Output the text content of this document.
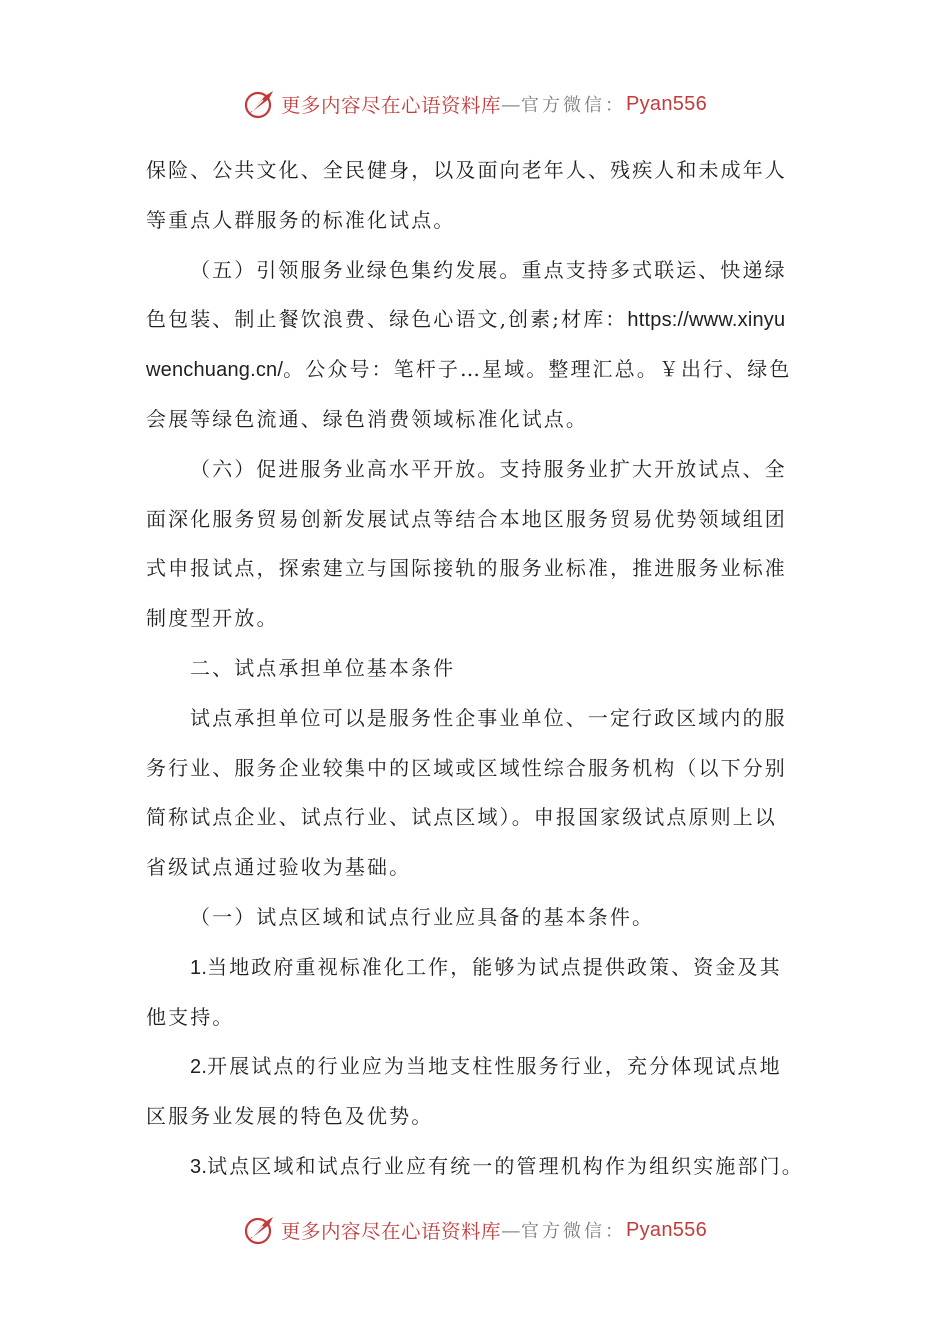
更多内容尽在心语资料库 — 官方微信： Pyan556
保险、公共文化、全民健身，以及面向老年人、残疾人和未成年人
等重点人群服务的标准化试点。
（五）引领服务业绿色集约发展。重点支持多式联运、快递绿
色包装、制止餐饮浪费、绿色心语文,创素;材库：https://www.xinyu
wenchuang.cn/。公众号：笔杆子…星域。整理汇总。￥出行、绿色
会展等绿色流通、绿色消费领域标准化试点。
（六）促进服务业高水平开放。支持服务业扩大开放试点、全
面深化服务贸易创新发展试点等结合本地区服务贸易优势领域组团
式申报试点，探索建立与国际接轨的服务业标准，推进服务业标准
制度型开放。
二、试点承担单位基本条件
试点承担单位可以是服务性企事业单位、一定行政区域内的服
务行业、服务企业较集中的区域或区域性综合服务机构（以下分别
简称试点企业、试点行业、试点区域）。申报国家级试点原则上以
省级试点通过验收为基础。
（一）试点区域和试点行业应具备的基本条件。
1.当地政府重视标准化工作，能够为试点提供政策、资金及其
他支持。
2.开展试点的行业应为当地支柱性服务行业，充分体现试点地
区服务业发展的特色及优势。
3.试点区域和试点行业应有统一的管理机构作为组织实施部门。
更多内容尽在心语资料库 — 官方微信： Pyan556
